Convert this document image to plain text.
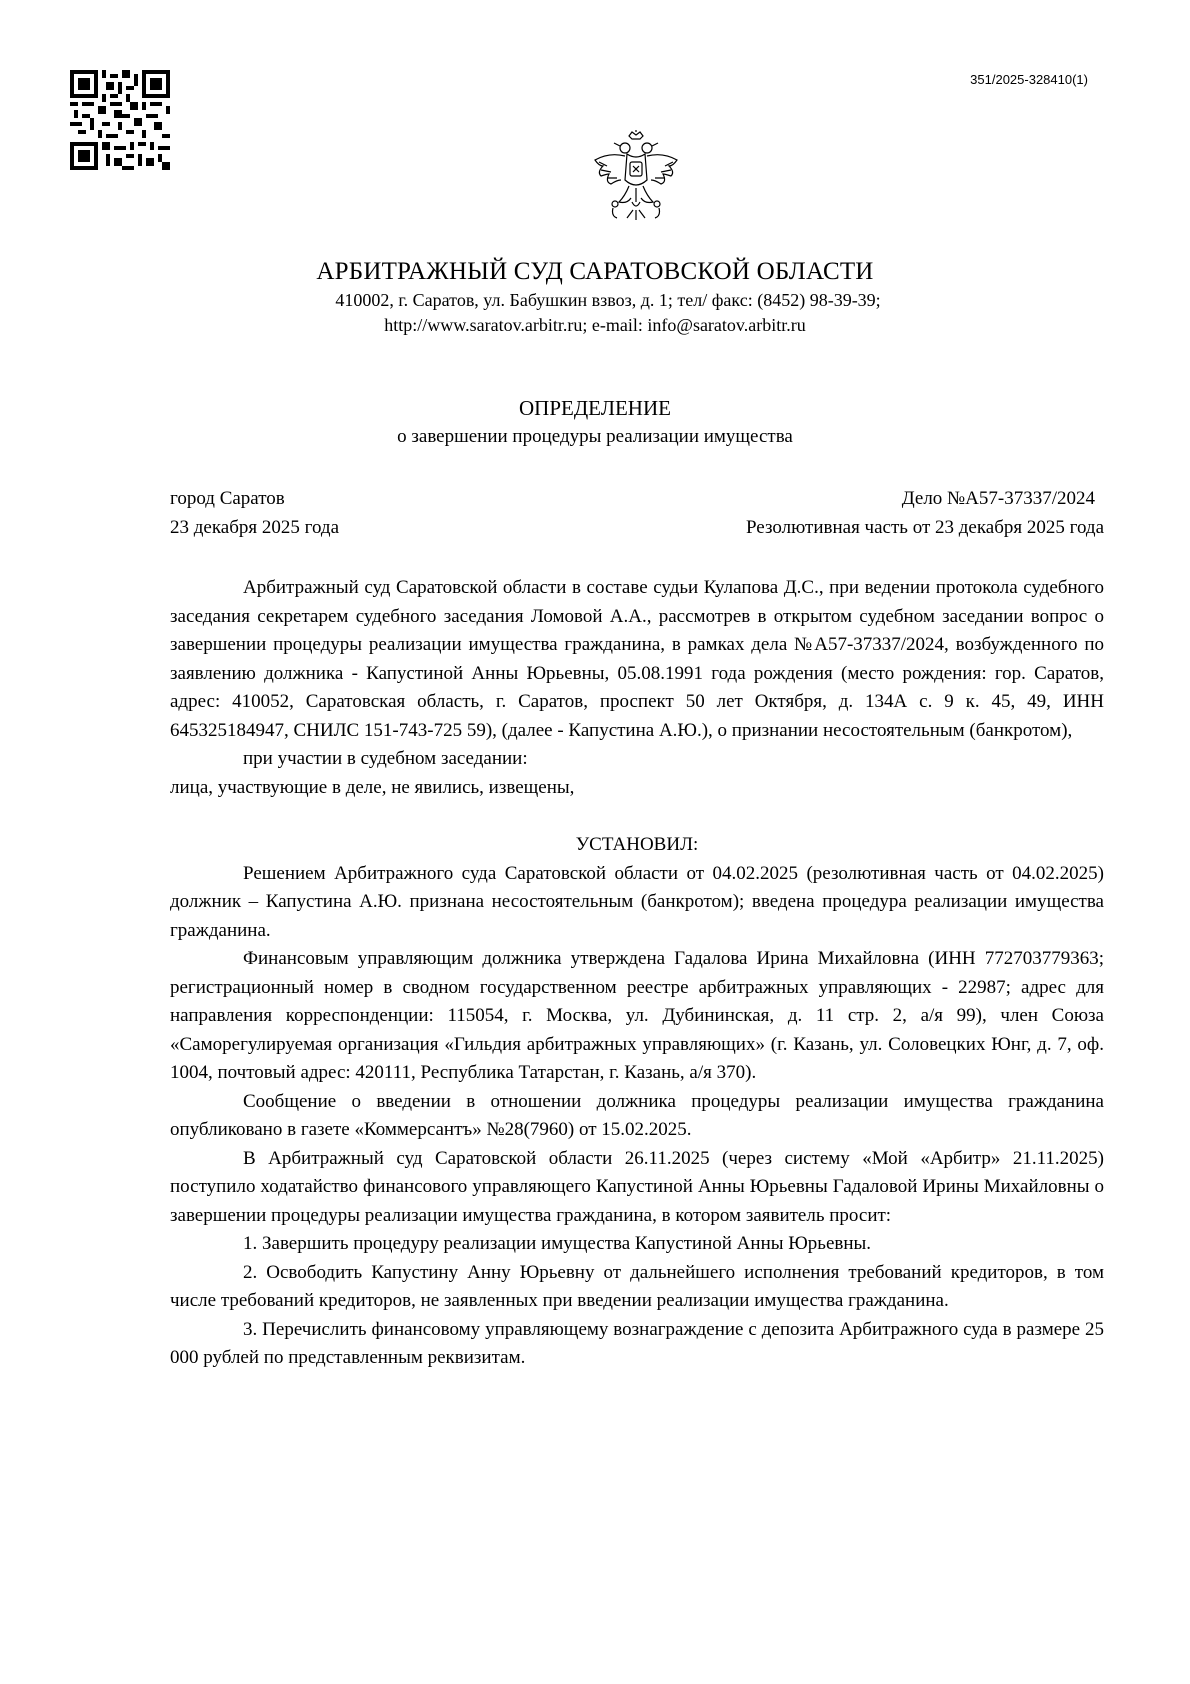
351/2025-328410(1)
АРБИТРАЖНЫЙ СУД САРАТОВСКОЙ ОБЛАСТИ
410002, г. Саратов, ул. Бабушкин взвоз, д. 1; тел/ факс: (8452) 98-39-39;
http://www.saratov.arbitr.ru; e-mail: info@saratov.arbitr.ru
ОПРЕДЕЛЕНИЕ
о завершении процедуры реализации имущества
город Саратов
23 декабря 2025 года
Дело №А57-37337/2024
Резолютивная часть от 23 декабря 2025 года

Арбитражный суд Саратовской области в составе судьи Кулапова Д.С., при ведении протокола судебного заседания секретарем судебного заседания Ломовой А.А., рассмотрев в открытом судебном заседании вопрос о завершении процедуры реализации имущества гражданина, в рамках дела №А57-37337/2024, возбужденного по заявлению должника - Капустиной Анны Юрьевны, 05.08.1991 года рождения (место рождения: гор. Саратов, адрес: 410052, Саратовская область, г. Саратов, проспект 50 лет Октября, д. 134А с. 9 к. 45, 49, ИНН 645325184947, СНИЛС 151-743-725 59), (далее - Капустина А.Ю.), о признании несостоятельным (банкротом),

при участии в судебном заседании:

лица, участвующие в деле, не явились, извещены,

УСТАНОВИЛ:

Решением Арбитражного суда Саратовской области от 04.02.2025 (резолютивная часть от 04.02.2025) должник – Капустина А.Ю. признана несостоятельным (банкротом); введена процедура реализации имущества гражданина.

Финансовым управляющим должника утверждена Гадалова Ирина Михайловна (ИНН 772703779363; регистрационный номер в сводном государственном реестре арбитражных управляющих - 22987; адрес для направления корреспонденции: 115054, г. Москва, ул. Дубининская, д. 11 стр. 2, а/я 99), член Союза «Саморегулируемая организация «Гильдия арбитражных управляющих» (г. Казань, ул. Соловецких Юнг, д. 7, оф. 1004, почтовый адрес: 420111, Республика Татарстан, г. Казань, а/я 370).

Сообщение о введении в отношении должника процедуры реализации имущества гражданина опубликовано в газете «Коммерсантъ» №28(7960) от 15.02.2025.

В Арбитражный суд Саратовской области 26.11.2025 (через систему «Мой «Арбитр» 21.11.2025) поступило ходатайство финансового управляющего Капустиной Анны Юрьевны Гадаловой Ирины Михайловны о завершении процедуры реализации имущества гражданина, в котором заявитель просит:

1. Завершить процедуру реализации имущества Капустиной Анны Юрьевны.

2. Освободить Капустину Анну Юрьевну от дальнейшего исполнения требований кредиторов, в том числе требований кредиторов, не заявленных при введении реализации имущества гражданина.

3. Перечислить финансовому управляющему вознаграждение с депозита Арбитражного суда в размере 25 000 рублей по представленным реквизитам.
